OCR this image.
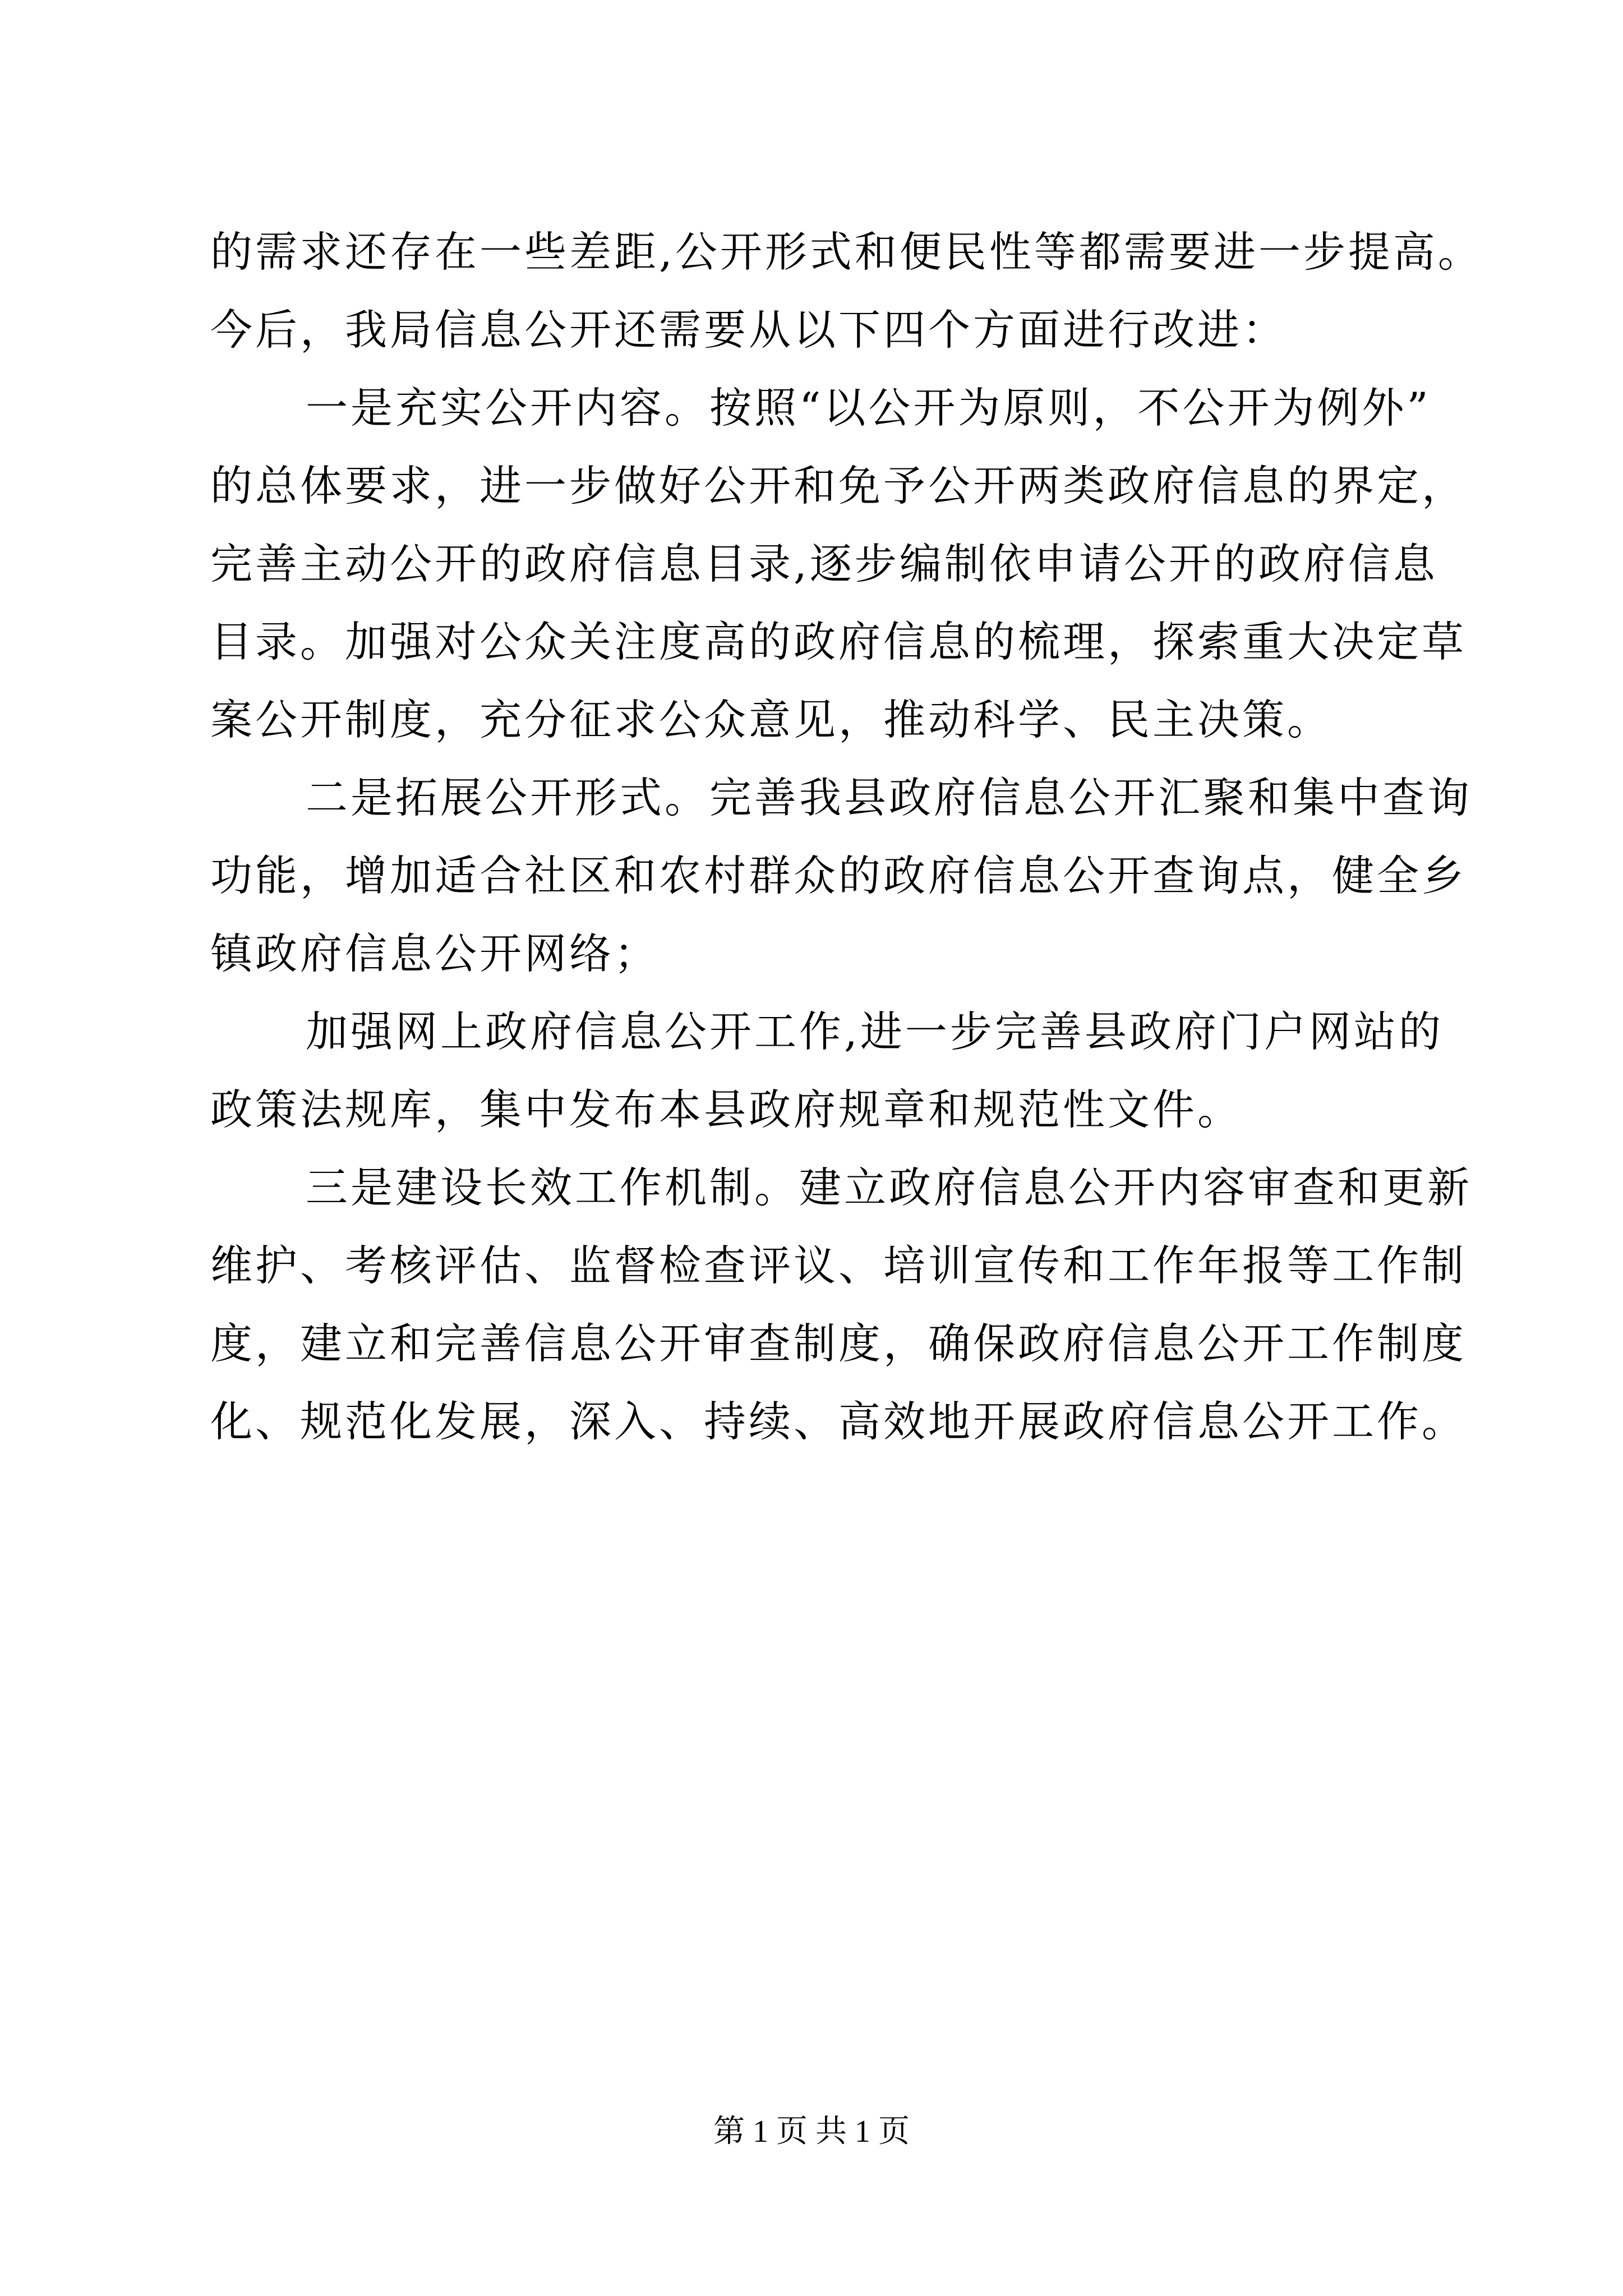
的需求还存在一些差距,公开形式和便民性等都需要进一步提高。
今后，我局信息公开还需要从以下四个方面进行改进：
一是充实公开内容。按照“以公开为原则，不公开为例外”
的总体要求，进一步做好公开和免予公开两类政府信息的界定，
完善主动公开的政府信息目录,逐步编制依申请公开的政府信息
目录。加强对公众关注度高的政府信息的梳理，探索重大决定草
案公开制度，充分征求公众意见，推动科学、民主决策。
二是拓展公开形式。完善我县政府信息公开汇聚和集中查询
功能，增加适合社区和农村群众的政府信息公开查询点，健全乡
镇政府信息公开网络；
加强网上政府信息公开工作,进一步完善县政府门户网站的
政策法规库，集中发布本县政府规章和规范性文件。
三是建设长效工作机制。建立政府信息公开内容审查和更新
维护、考核评估、监督检查评议、培训宣传和工作年报等工作制
度，建立和完善信息公开审查制度，确保政府信息公开工作制度
化、规范化发展，深入、持续、高效地开展政府信息公开工作。
第 1 页 共 1 页
